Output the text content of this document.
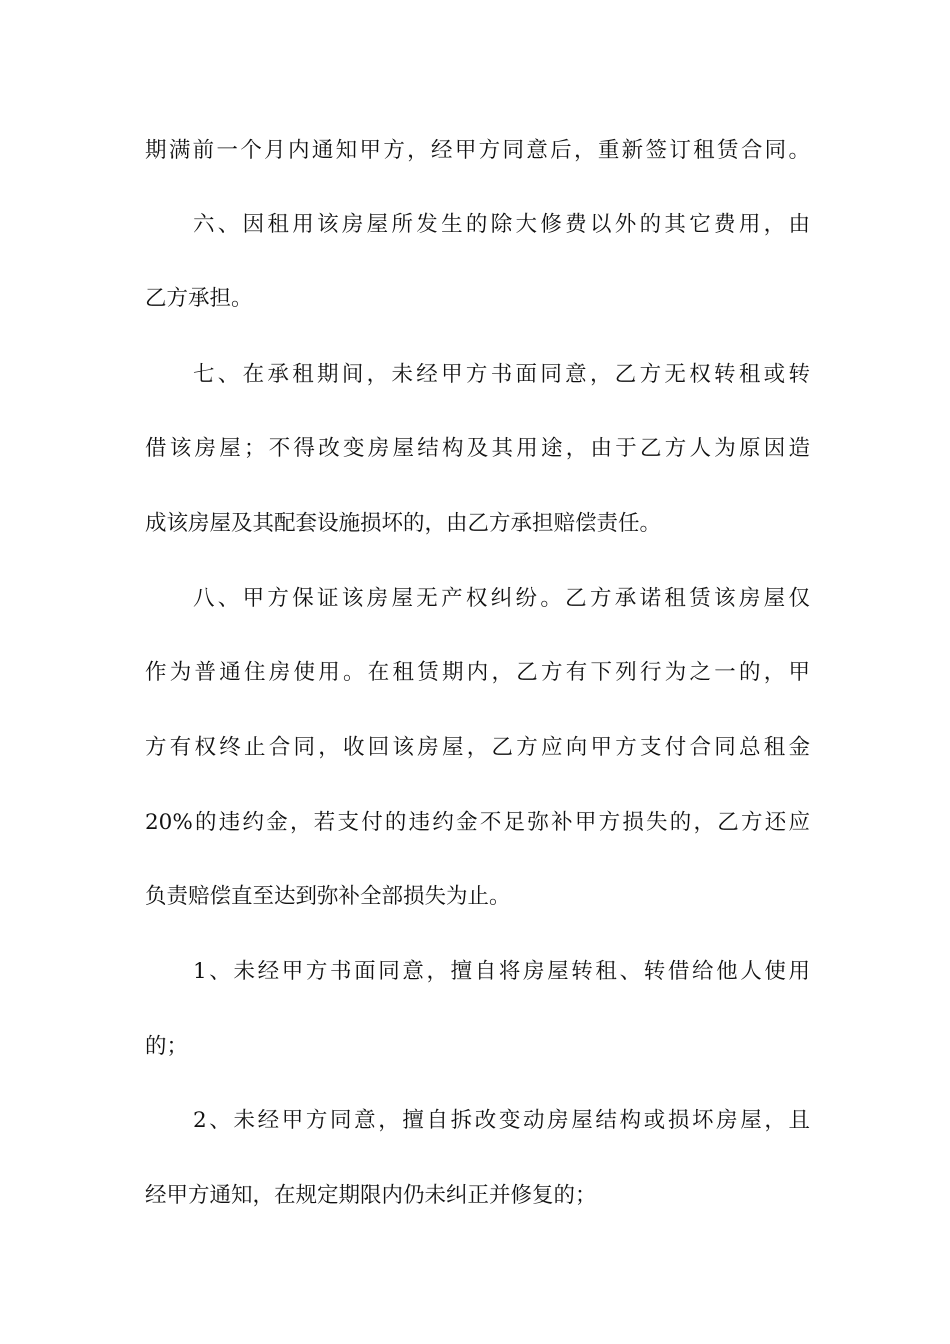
期满前一个月内通知甲方，经甲方同意后，重新签订租赁合同。
六、因租用该房屋所发生的除大修费以外的其它费用，由
乙方承担。
七、在承租期间，未经甲方书面同意，乙方无权转租或转
借该房屋；不得改变房屋结构及其用途，由于乙方人为原因造
成该房屋及其配套设施损坏的，由乙方承担赔偿责任。
八、甲方保证该房屋无产权纠纷。乙方承诺租赁该房屋仅
作为普通住房使用。在租赁期内，乙方有下列行为之一的，甲
方有权终止合同，收回该房屋，乙方应向甲方支付合同总租金
20%的违约金，若支付的违约金不足弥补甲方损失的，乙方还应
负责赔偿直至达到弥补全部损失为止。
1、未经甲方书面同意，擅自将房屋转租、转借给他人使用
的；
2、未经甲方同意，擅自拆改变动房屋结构或损坏房屋，且
经甲方通知，在规定期限内仍未纠正并修复的；
